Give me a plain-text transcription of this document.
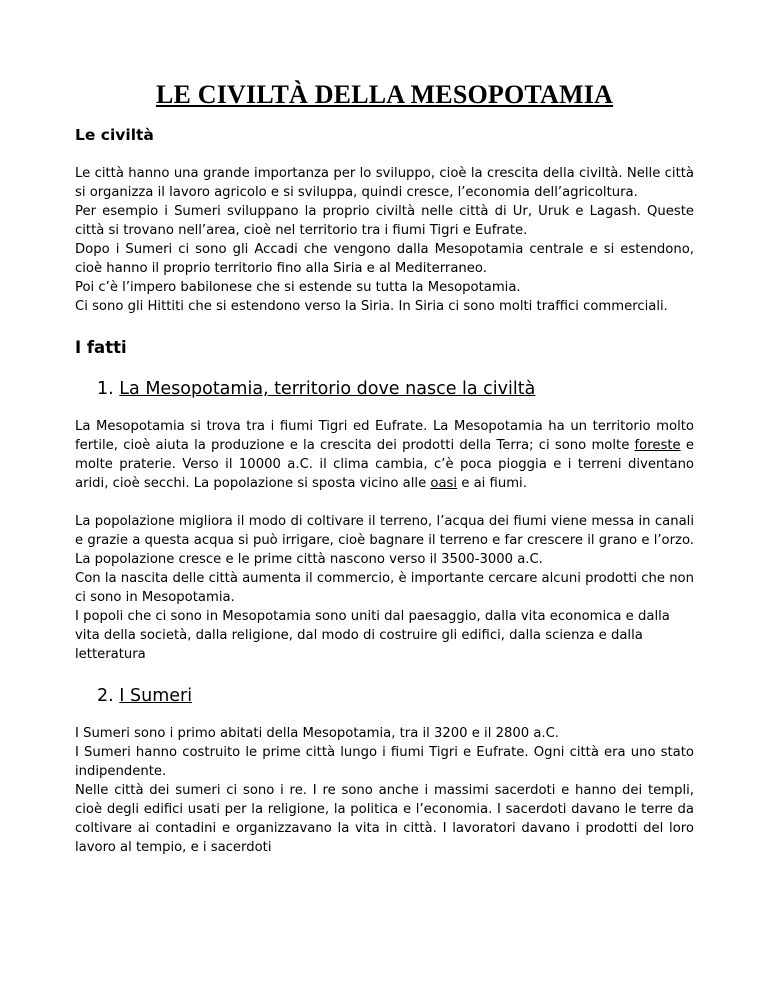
LE CIVILTÀ DELLA MESOPOTAMIA
Le civiltà

Le città hanno una grande importanza per lo sviluppo, cioè la crescita della civiltà. Nelle città si organizza il lavoro agricolo e si sviluppa, quindi cresce, l’economia dell’agricoltura.

Per esempio i Sumeri sviluppano la proprio civiltà nelle città di Ur, Uruk e Lagash. Queste città si trovano nell’area, cioè nel territorio tra i fiumi Tigri e Eufrate.

Dopo i Sumeri ci sono gli Accadi che vengono dalla Mesopotamia centrale e si estendono, cioè hanno il proprio territorio fino alla Siria e al Mediterraneo.

Poi c’è l’impero babilonese che si estende su tutta la Mesopotamia.

Ci sono gli Hittiti che si estendono verso la Siria. In Siria ci sono molti traffici commerciali.

I fatti
1. La Mesopotamia, territorio dove nasce la civiltà

La Mesopotamia si trova tra i fiumi Tigri ed Eufrate. La Mesopotamia ha un territorio molto fertile, cioè aiuta la produzione e la crescita dei prodotti della Terra; ci sono molte foreste e molte praterie. Verso il 10000 a.C. il clima cambia, c’è poca pioggia e i terreni diventano aridi, cioè secchi. La popolazione si sposta vicino alle oasi e ai fiumi.

La popolazione migliora il modo di coltivare il terreno, l’acqua dei fiumi viene messa in canali e grazie a questa acqua si può irrigare, cioè bagnare il terreno e far crescere il grano e l’orzo. La popolazione cresce e le prime città nascono verso il 3500-3000 a.C.

Con la nascita delle città aumenta il commercio, è importante cercare alcuni prodotti che non ci sono in Mesopotamia.

I popoli che ci sono in Mesopotamia sono uniti dal paesaggio, dalla vita economica e dalla vita della società, dalla religione, dal modo di costruire gli edifici, dalla scienza e dalla letteratura

2. I Sumeri

I Sumeri sono i primo abitati della Mesopotamia, tra il 3200 e il 2800 a.C.

I Sumeri hanno costruito le prime città lungo i fiumi Tigri e Eufrate. Ogni città era uno stato indipendente.

Nelle città dei sumeri ci sono i re. I re sono anche i massimi sacerdoti e hanno dei templi, cioè degli edifici usati per la religione, la politica e l’economia. I sacerdoti davano le terre da coltivare ai contadini e organizzavano la vita in città. I lavoratori davano i prodotti del loro lavoro al tempio, e i sacerdoti
